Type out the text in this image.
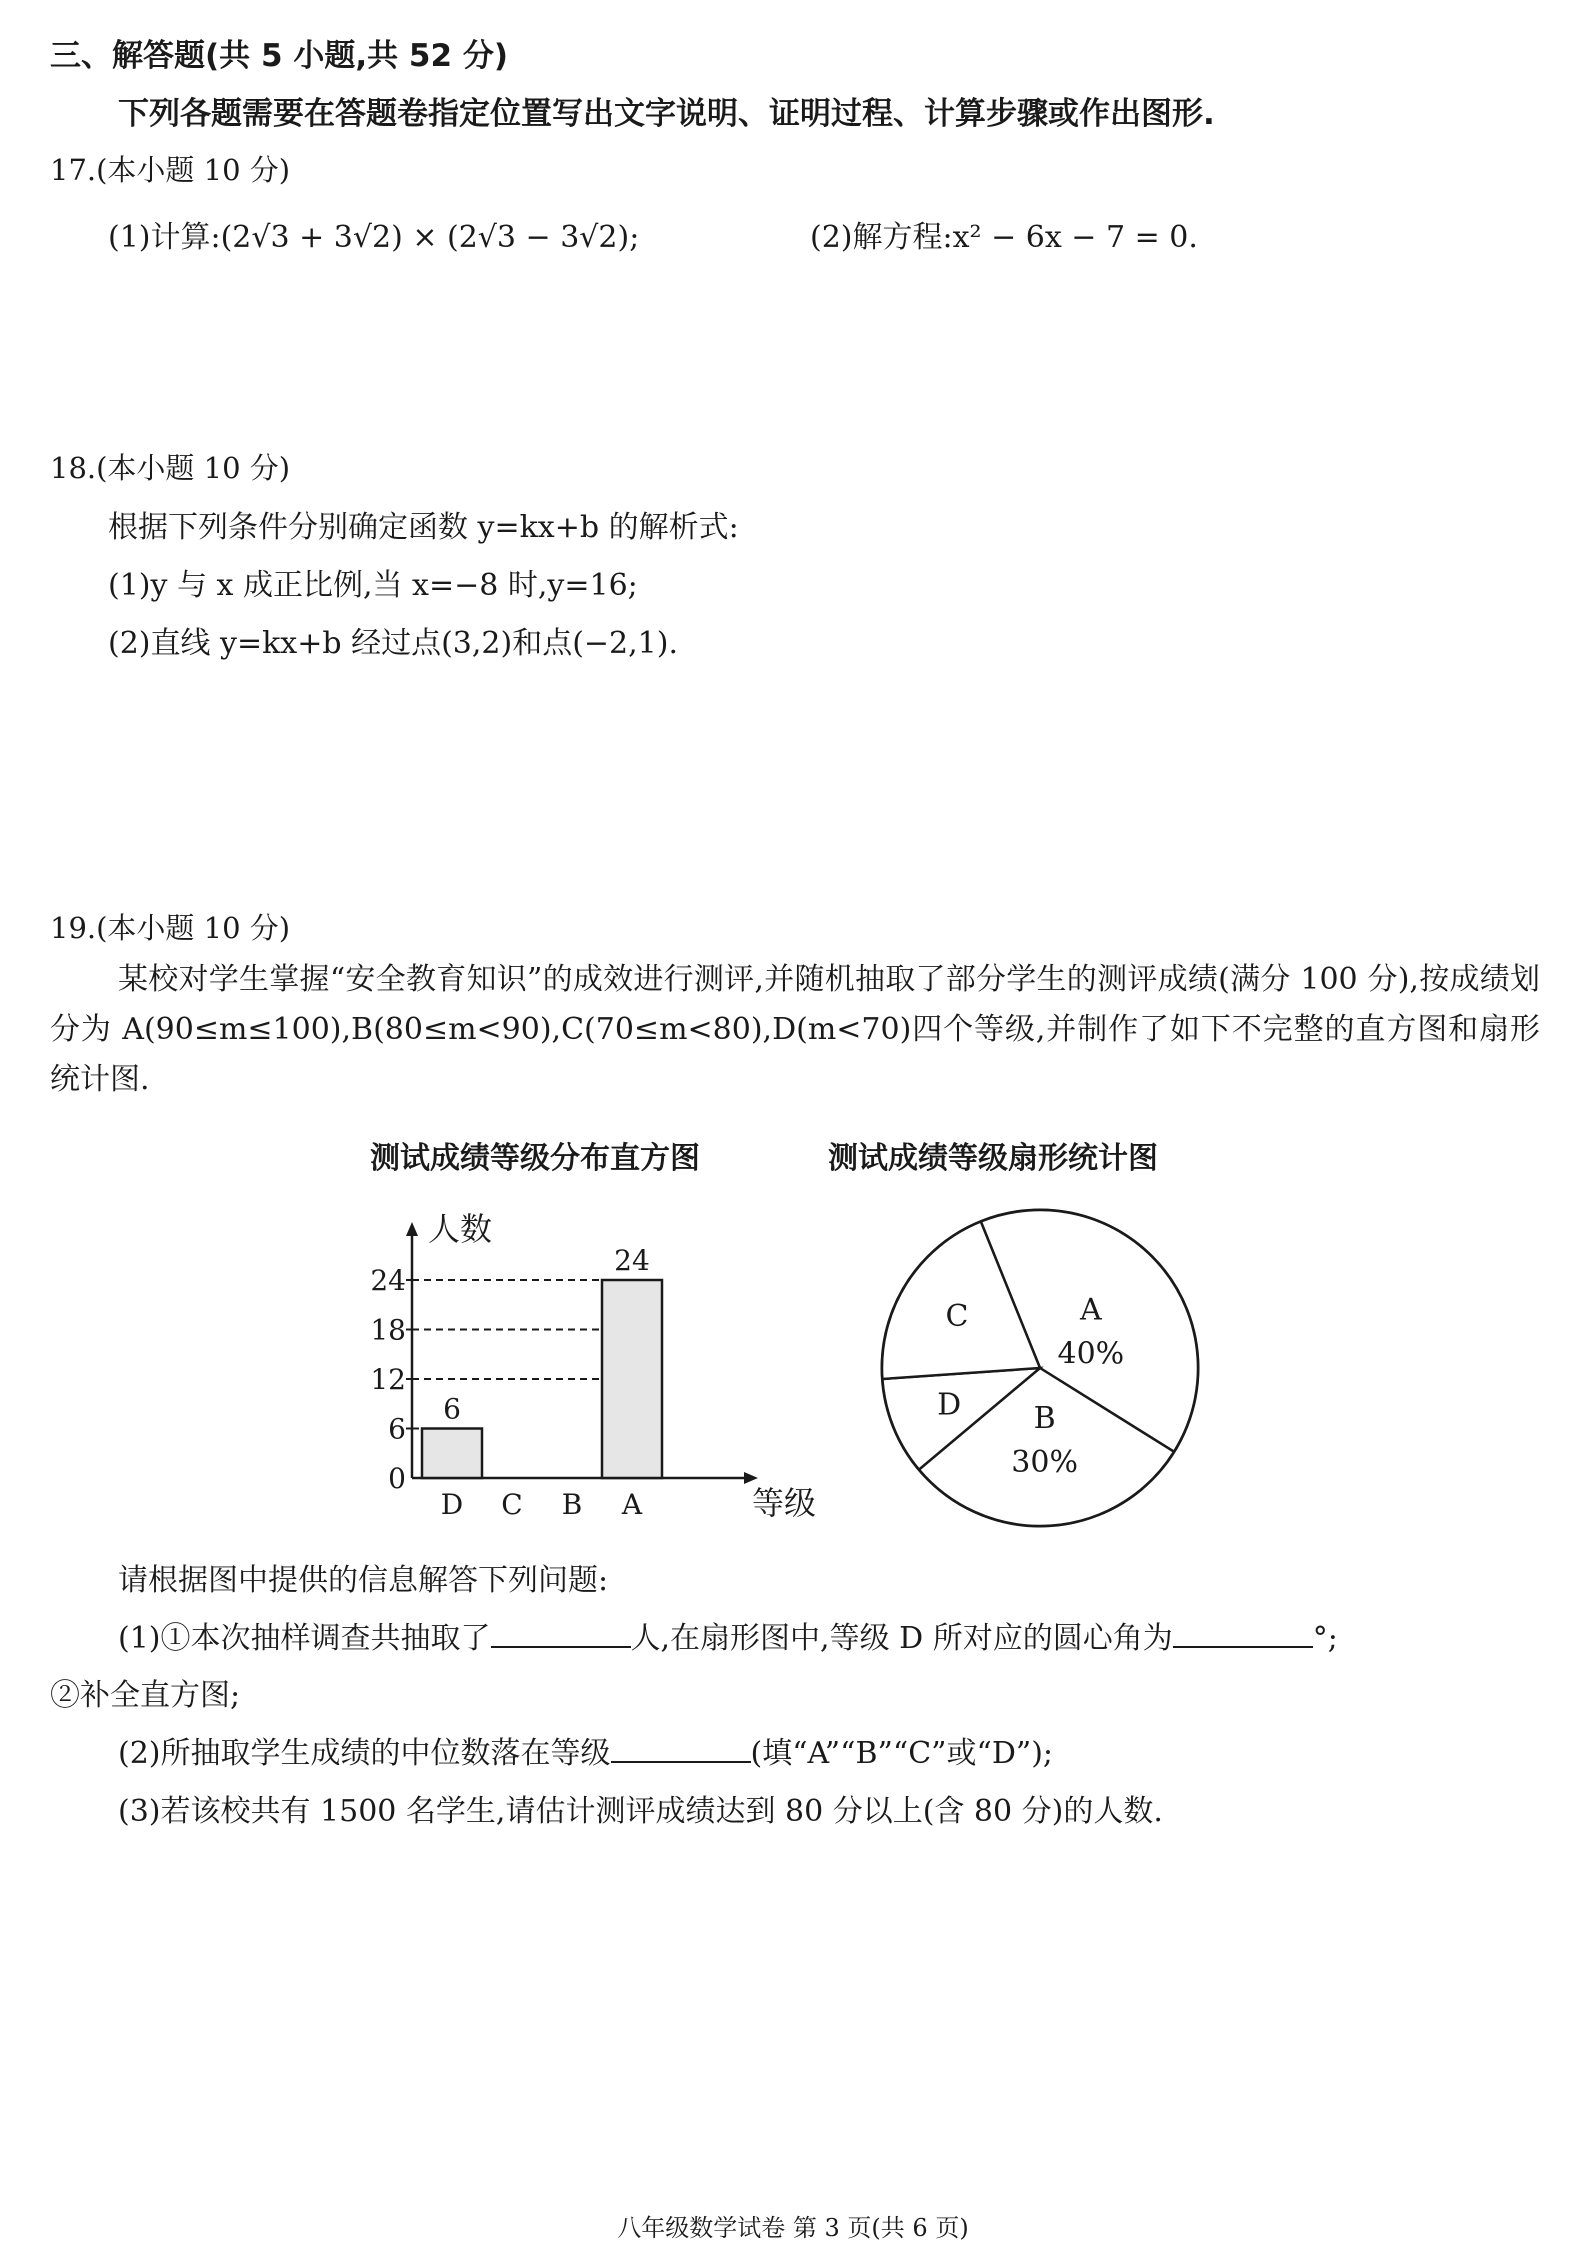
三、解答题(共 5 小题,共 52 分)
下列各题需要在答题卷指定位置写出文字说明、证明过程、计算步骤或作出图形.
17.(本小题 10 分)
(1)计算:(2√3 + 3√2) × (2√3 − 3√2);	(2)解方程:x² − 6x − 7 = 0.
18.(本小题 10 分)
根据下列条件分别确定函数 y=kx+b 的解析式:
(1)y 与 x 成正比例,当 x=−8 时,y=16;
(2)直线 y=kx+b 经过点(3,2)和点(−2,1).
19.(本小题 10 分)
某校对学生掌握“安全教育知识”的成效进行测评,并随机抽取了部分学生的测评成绩(满分 100 分),按成绩划分为 A(90≤m≤100),B(80≤m<90),C(70≤m<80),D(m<70)四个等级,并制作了如下不完整的直方图和扇形统计图.
测试成绩等级分布直方图	测试成绩等级扇形统计图
人数
等级
6
D C B
24
A
0
6
12
18
24
A
40%
B
30%
D
C
请根据图中提供的信息解答下列问题:
(1)①本次抽样调查共抽取了	人,在扇形图中,等级 D 所对应的圆心角为	°;
②补全直方图;
(2)所抽取学生成绩的中位数落在等级	(填“A”“B”“C”或“D”);
(3)若该校共有 1500 名学生,请估计测评成绩达到 80 分以上(含 80 分)的人数.
八年级数学试卷 第 3 页(共 6 页)
